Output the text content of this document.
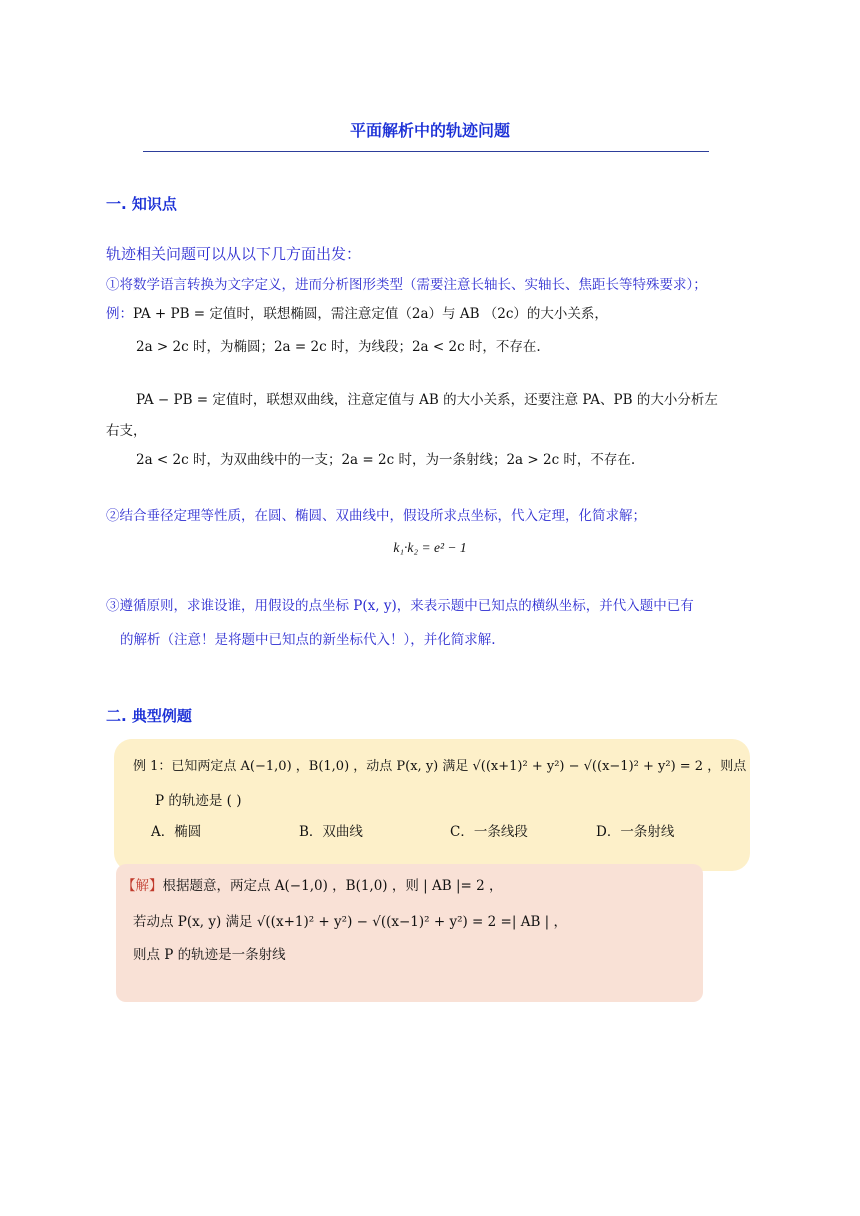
平面解析中的轨迹问题
一. 知识点
轨迹相关问题可以从以下几方面出发：
①将数学语言转换为文字定义，进而分析图形类型（需要注意长轴长、实轴长、焦距长等特殊要求）；
例：PA + PB = 定值时，联想椭圆，需注意定值（2a）与 AB （2c）的大小关系，
2a > 2c 时，为椭圆；2a = 2c 时，为线段；2a < 2c 时，不存在.
PA − PB = 定值时，联想双曲线，注意定值与 AB 的大小关系，还要注意 PA、PB 的大小分析左
右支，
2a < 2c 时，为双曲线中的一支；2a = 2c 时，为一条射线；2a > 2c 时，不存在.
②结合垂径定理等性质，在圆、椭圆、双曲线中，假设所求点坐标，代入定理，化简求解；
k₁·k₂ = e² − 1
③遵循原则，求谁设谁，用假设的点坐标 P(x, y)，来表示题中已知点的横纵坐标，并代入题中已有
的解析（注意！是将题中已知点的新坐标代入！），并化简求解.
二. 典型例题
例 1：已知两定点 A(−1,0) ，B(1,0) ，动点 P(x, y) 满足 √((x+1)² + y²) − √((x−1)² + y²) = 2 ，则点
P 的轨迹是 ( )
A．椭圆	B．双曲线	C．一条线段	D．一条射线
【解】根据题意，两定点 A(−1,0) ，B(1,0) ，则 | AB |= 2 ，
若动点 P(x, y) 满足 √((x+1)² + y²) − √((x−1)² + y²) = 2 =| AB | ，
则点 P 的轨迹是一条射线
